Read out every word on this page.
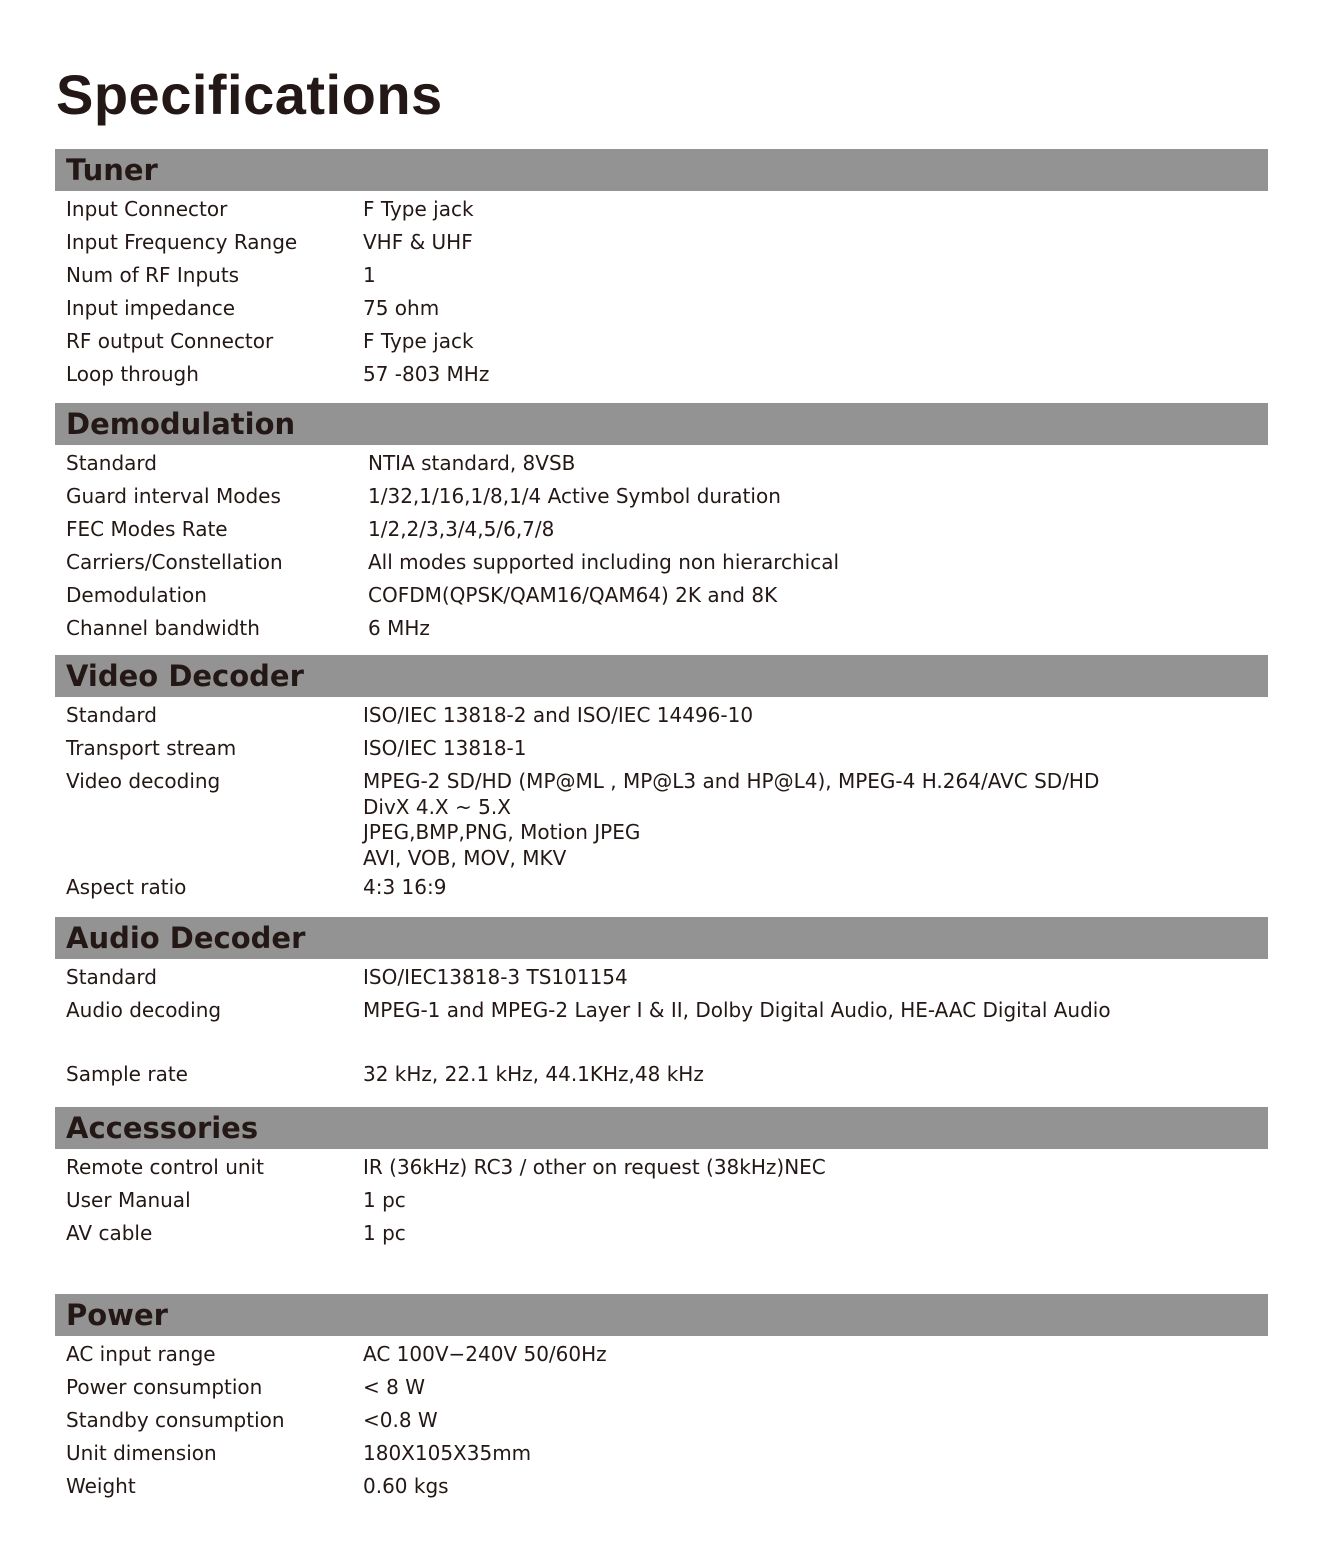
Specifications
Tuner
Input Connector	F Type jack
Input Frequency Range	VHF & UHF
Num of RF Inputs	1
Input impedance	75 ohm
RF output Connector	F Type jack
Loop through	57 -803 MHz
Demodulation
Standard	NTIA standard, 8VSB
Guard interval Modes	1/32,1/16,1/8,1/4 Active Symbol duration
FEC Modes Rate	1/2,2/3,3/4,5/6,7/8
Carriers/Constellation	All modes supported including non hierarchical
Demodulation	COFDM(QPSK/QAM16/QAM64) 2K and 8K
Channel bandwidth	6 MHz
Video Decoder
Standard	ISO/IEC 13818-2 and ISO/IEC 14496-10
Transport stream	ISO/IEC 13818-1
Video decoding	MPEG-2 SD/HD (MP@ML , MP@L3 and HP@L4), MPEG-4 H.264/AVC SD/HD
DivX 4.X ~ 5.X
JPEG,BMP,PNG, Motion JPEG
AVI, VOB, MOV, MKV
Aspect ratio	4:3 16:9
Audio Decoder
Standard	ISO/IEC13818-3 TS101154
Audio decoding	MPEG-1 and MPEG-2 Layer I & II, Dolby Digital Audio, HE-AAC Digital Audio
Sample rate	32 kHz, 22.1 kHz, 44.1KHz,48 kHz
Accessories
Remote control unit	IR (36kHz) RC3 / other on request (38kHz)NEC
User Manual	1 pc
AV cable	1 pc
Power
AC input range	AC 100V−240V 50/60Hz
Power consumption	< 8 W
Standby consumption	<0.8 W
Unit dimension	180X105X35mm
Weight	0.60 kgs
